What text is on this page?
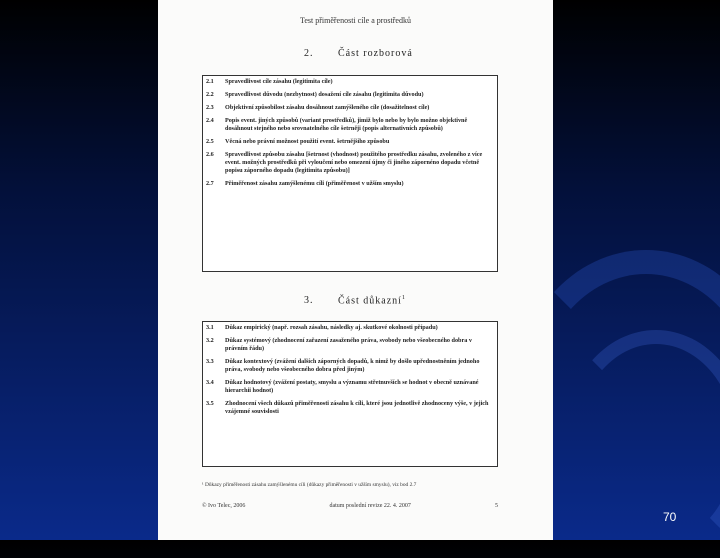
Test přiměřenosti cíle a prostředků
2. Část rozborová
2.1	Spravedlivost cíle zásahu (legitimita cíle)
2.2	Spravedlivost důvodu (nezbytnost) dosažení cíle zásahu (legitimita důvodu)
2.3	Objektivní způsobilost zásahu dosáhnout zamýšleného cíle (dosažitelnost cíle)
2.4	Popis event. jiných způsobů (variant prostředků), jimiž bylo nebo by bylo možno objektivně dosáhnout stejného nebo srovnatelného cíle šetrněji (popis alternativních způsobů)
2.5	Věcná nebo právní možnost použití event. šetrnějšího způsobu
2.6	Spravedlivost způsobu zásahu [šetrnost (vhodnost) použitého prostředku zásahu, zvoleného z více event. možných prostředků při vyloučení nebo omezení újmy či jiného zápornéno dopadu včetně popisu záporného dopadu (legitimita způsobu)]
2.7	Přiměřenost zásahu zamýšlenému cíli (přiměřenost v užším smyslu)
3. Část důkazní$^1$
3.1	Důkaz empirický (např. rozsah zásahu, následky aj. skutkové okolnosti případu)
3.2	Důkaz systémový (zhodnocení zařazení zasaženého práva, svobody nebo všeobecného dobra v právním řádu)
3.3	Důkaz kontextový (zvážení dalších záporných dopadů, k nimž by došlo upřednostněním jednoho práva, svobody nebo všeobecného dobra před jiným)
3.4	Důkaz hodnotový (zvážení postaty, smyslu a významu střetnuvších se hodnot v obecně uznávané hierarchii hodnot)
3.5	Zhodnocení všech důkazů přiměřenosti zásahu k cíli, které jsou jednotlivě zhodnoceny výše, v jejich vzájemné souvislosti
¹ Důkazy přiměřenosti zásahu zamýšlenému cíli (důkazy přiměřenosti v užším smyslu), viz bod 2.7
© Ivo Telec, 2006	datum poslední revize 22. 4. 2007	5
70
